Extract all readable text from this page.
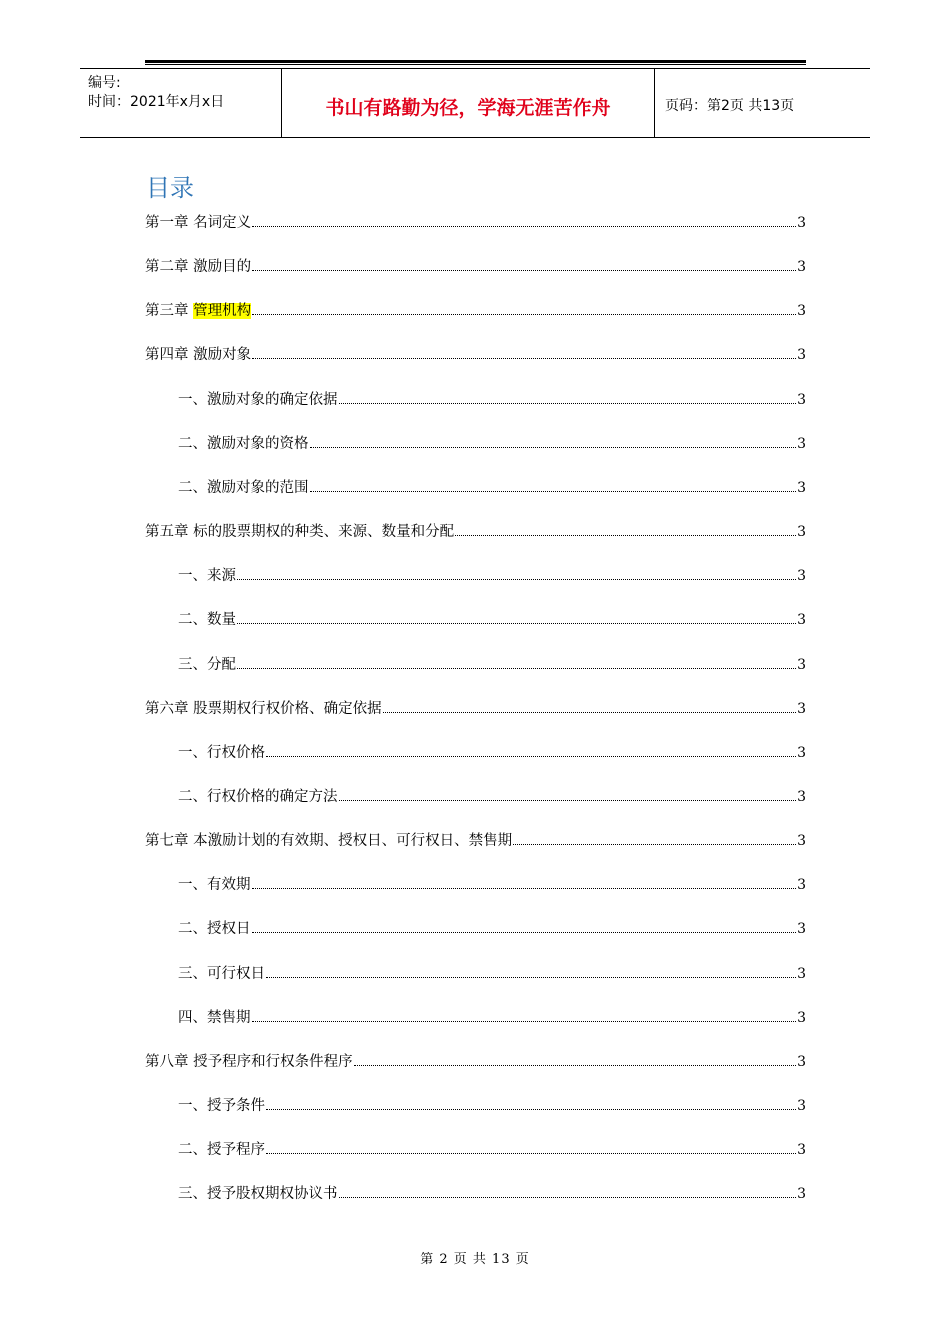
编号:
时间：2021年x月x日	书山有路勤为径，学海无涯苦作舟	页码：第2页 共13页
目录
第一章 名词定义	3
第二章 激励目的	3
第三章 管理机构	3
第四章 激励对象	3
一、激励对象的确定依据	3
二、激励对象的资格	3
二、激励对象的范围	3
第五章 标的股票期权的种类、来源、数量和分配	3
一、来源	3
二、数量	3
三、分配	3
第六章 股票期权行权价格、确定依据	3
一、行权价格	3
二、行权价格的确定方法	3
第七章 本激励计划的有效期、授权日、可行权日、禁售期	3
一、有效期	3
二、授权日	3
三、可行权日	3
四、禁售期	3
第八章 授予程序和行权条件程序	3
一、授予条件	3
二、授予程序	3
三、授予股权期权协议书	3
第 2 页 共 13 页
